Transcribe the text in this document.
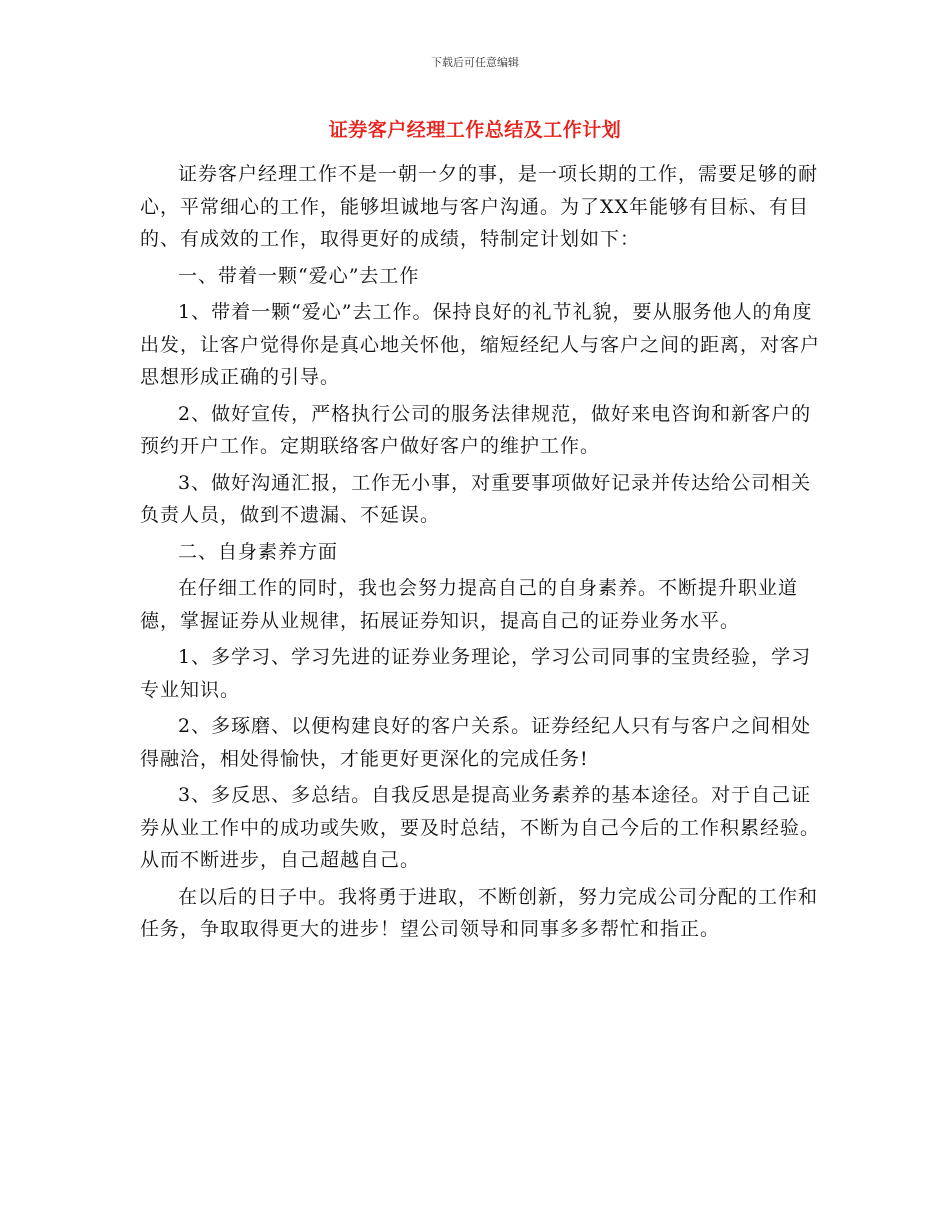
下载后可任意编辑
证券客户经理工作总结及工作计划

证券客户经理工作不是一朝一夕的事，是一项长期的工作，需要足够的耐心，平常细心的工作，能够坦诚地与客户沟通。为了XX年能够有目标、有目的、有成效的工作，取得更好的成绩，特制定计划如下：

一、带着一颗“爱心”去工作

1、带着一颗“爱心”去工作。保持良好的礼节礼貌，要从服务他人的角度出发，让客户觉得你是真心地关怀他，缩短经纪人与客户之间的距离，对客户思想形成正确的引导。

2、做好宣传，严格执行公司的服务法律规范，做好来电咨询和新客户的预约开户工作。定期联络客户做好客户的维护工作。

3、做好沟通汇报，工作无小事，对重要事项做好记录并传达给公司相关负责人员，做到不遗漏、不延误。

二、自身素养方面

在仔细工作的同时，我也会努力提高自己的自身素养。不断提升职业道德，掌握证券从业规律，拓展证券知识，提高自己的证券业务水平。

1、多学习、学习先进的证券业务理论，学习公司同事的宝贵经验，学习专业知识。

2、多琢磨、以便构建良好的客户关系。证券经纪人只有与客户之间相处得融洽，相处得愉快，才能更好更深化的完成任务!

3、多反思、多总结。自我反思是提高业务素养的基本途径。对于自己证券从业工作中的成功或失败，要及时总结，不断为自己今后的工作积累经验。从而不断进步，自己超越自己。

在以后的日子中。我将勇于进取，不断创新，努力完成公司分配的工作和任务，争取取得更大的进步！望公司领导和同事多多帮忙和指正。
